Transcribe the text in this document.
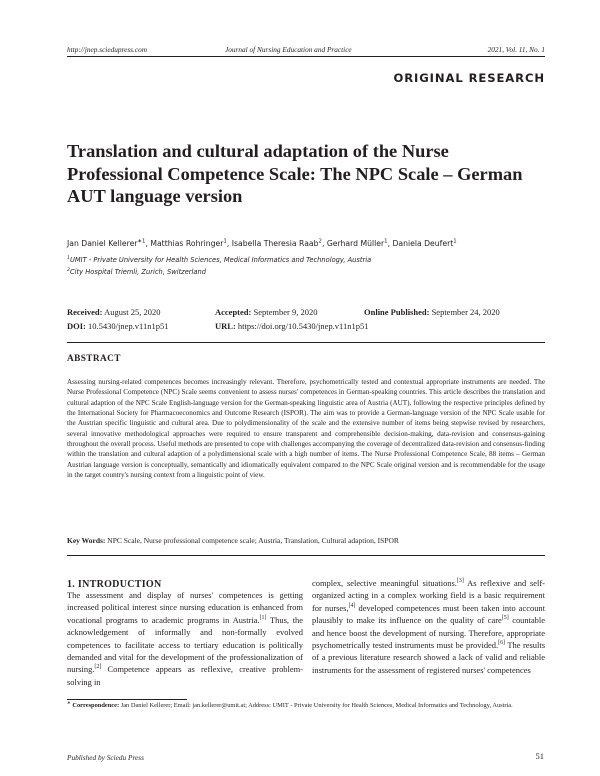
http://jnep.sciedupress.com	Journal of Nursing Education and Practice	2021, Vol. 11, No. 1
ORIGINAL RESEARCH
Translation and cultural adaptation of the Nurse Professional Competence Scale: The NPC Scale – German AUT language version
Jan Daniel Kellerer$^{∗1}$, Matthias Rohringer$^1$, Isabella Theresia Raab$^2$, Gerhard Müller$^1$, Daniela Deufert$^1$
$^1$UMIT - Private University for Health Sciences, Medical Informatics and Technology, Austria
$^2$City Hospital Triemli, Zurich, Switzerland
Received: August 25, 2020	Accepted: September 9, 2020	Online Published: September 24, 2020
DOI: 10.5430/jnep.v11n1p51	URL: https://doi.org/10.5430/jnep.v11n1p51
ABSTRACT
Assessing nursing-related competences becomes increasingly relevant. Therefore, psychometrically tested and contextual appropriate instruments are needed. The Nurse Professional Competence (NPC) Scale seems convenient to assess nurses' competences in German-speaking countries. This article describes the translation and cultural adaption of the NPC Scale English-language version for the German-speaking linguistic area of Austria (AUT), following the respective principles defined by the International Society for Pharmacoeconomics and Outcome Research (ISPOR). The aim was to provide a German-language version of the NPC Scale usable for the Austrian specific linguistic and cultural area. Due to polydimensionality of the scale and the extensive number of items being stepwise revised by researchers, several innovative methodological approaches were required to ensure transparent and comprehensible decision-making, data-revision and consensus-gaining throughout the overall process. Useful methods are presented to cope with challenges accompanying the coverage of decentralized data-revision and consensus-finding within the translation and cultural adaption of a polydimensional scale with a high number of items. The Nurse Professional Competence Scale, 88 items – German Austrian language version is conceptually, semantically and idiomatically equivalent compared to the NPC Scale original version and is recommendable for the usage in the target country's nursing context from a linguistic point of view.
Key Words: NPC Scale, Nurse professional competence scale; Austria, Translation, Cultural adaption, ISPOR
1. INTRODUCTION
The assessment and display of nurses' competences is getting increased political interest since nursing education is enhanced from vocational programs to academic programs in Austria.[1] Thus, the acknowledgement of informally and non-formally evolved competences to facilitate access to tertiary education is politically demanded and vital for the development of the professionalization of nursing.[2] Competence appears as reflexive, creative problem-solving in
complex, selective meaningful situations.[3] As reflexive and self-organized acting in a complex working field is a basic requirement for nurses,[4] developed competences must been taken into account plausibly to make its influence on the quality of care[5] countable and hence boost the development of nursing. Therefore, appropriate psychometrically tested instruments must be provided.[6] The results of a previous literature research showed a lack of valid and reliable instruments for the assessment of registered nurses' competences
∗ Correspondence: Jan Daniel Kellerer; Email: jan.kellerer@umit.at; Address: UMIT - Private University for Health Sciences, Medical Informatics and Technology, Austria.
Published by Sciedu Press	51
